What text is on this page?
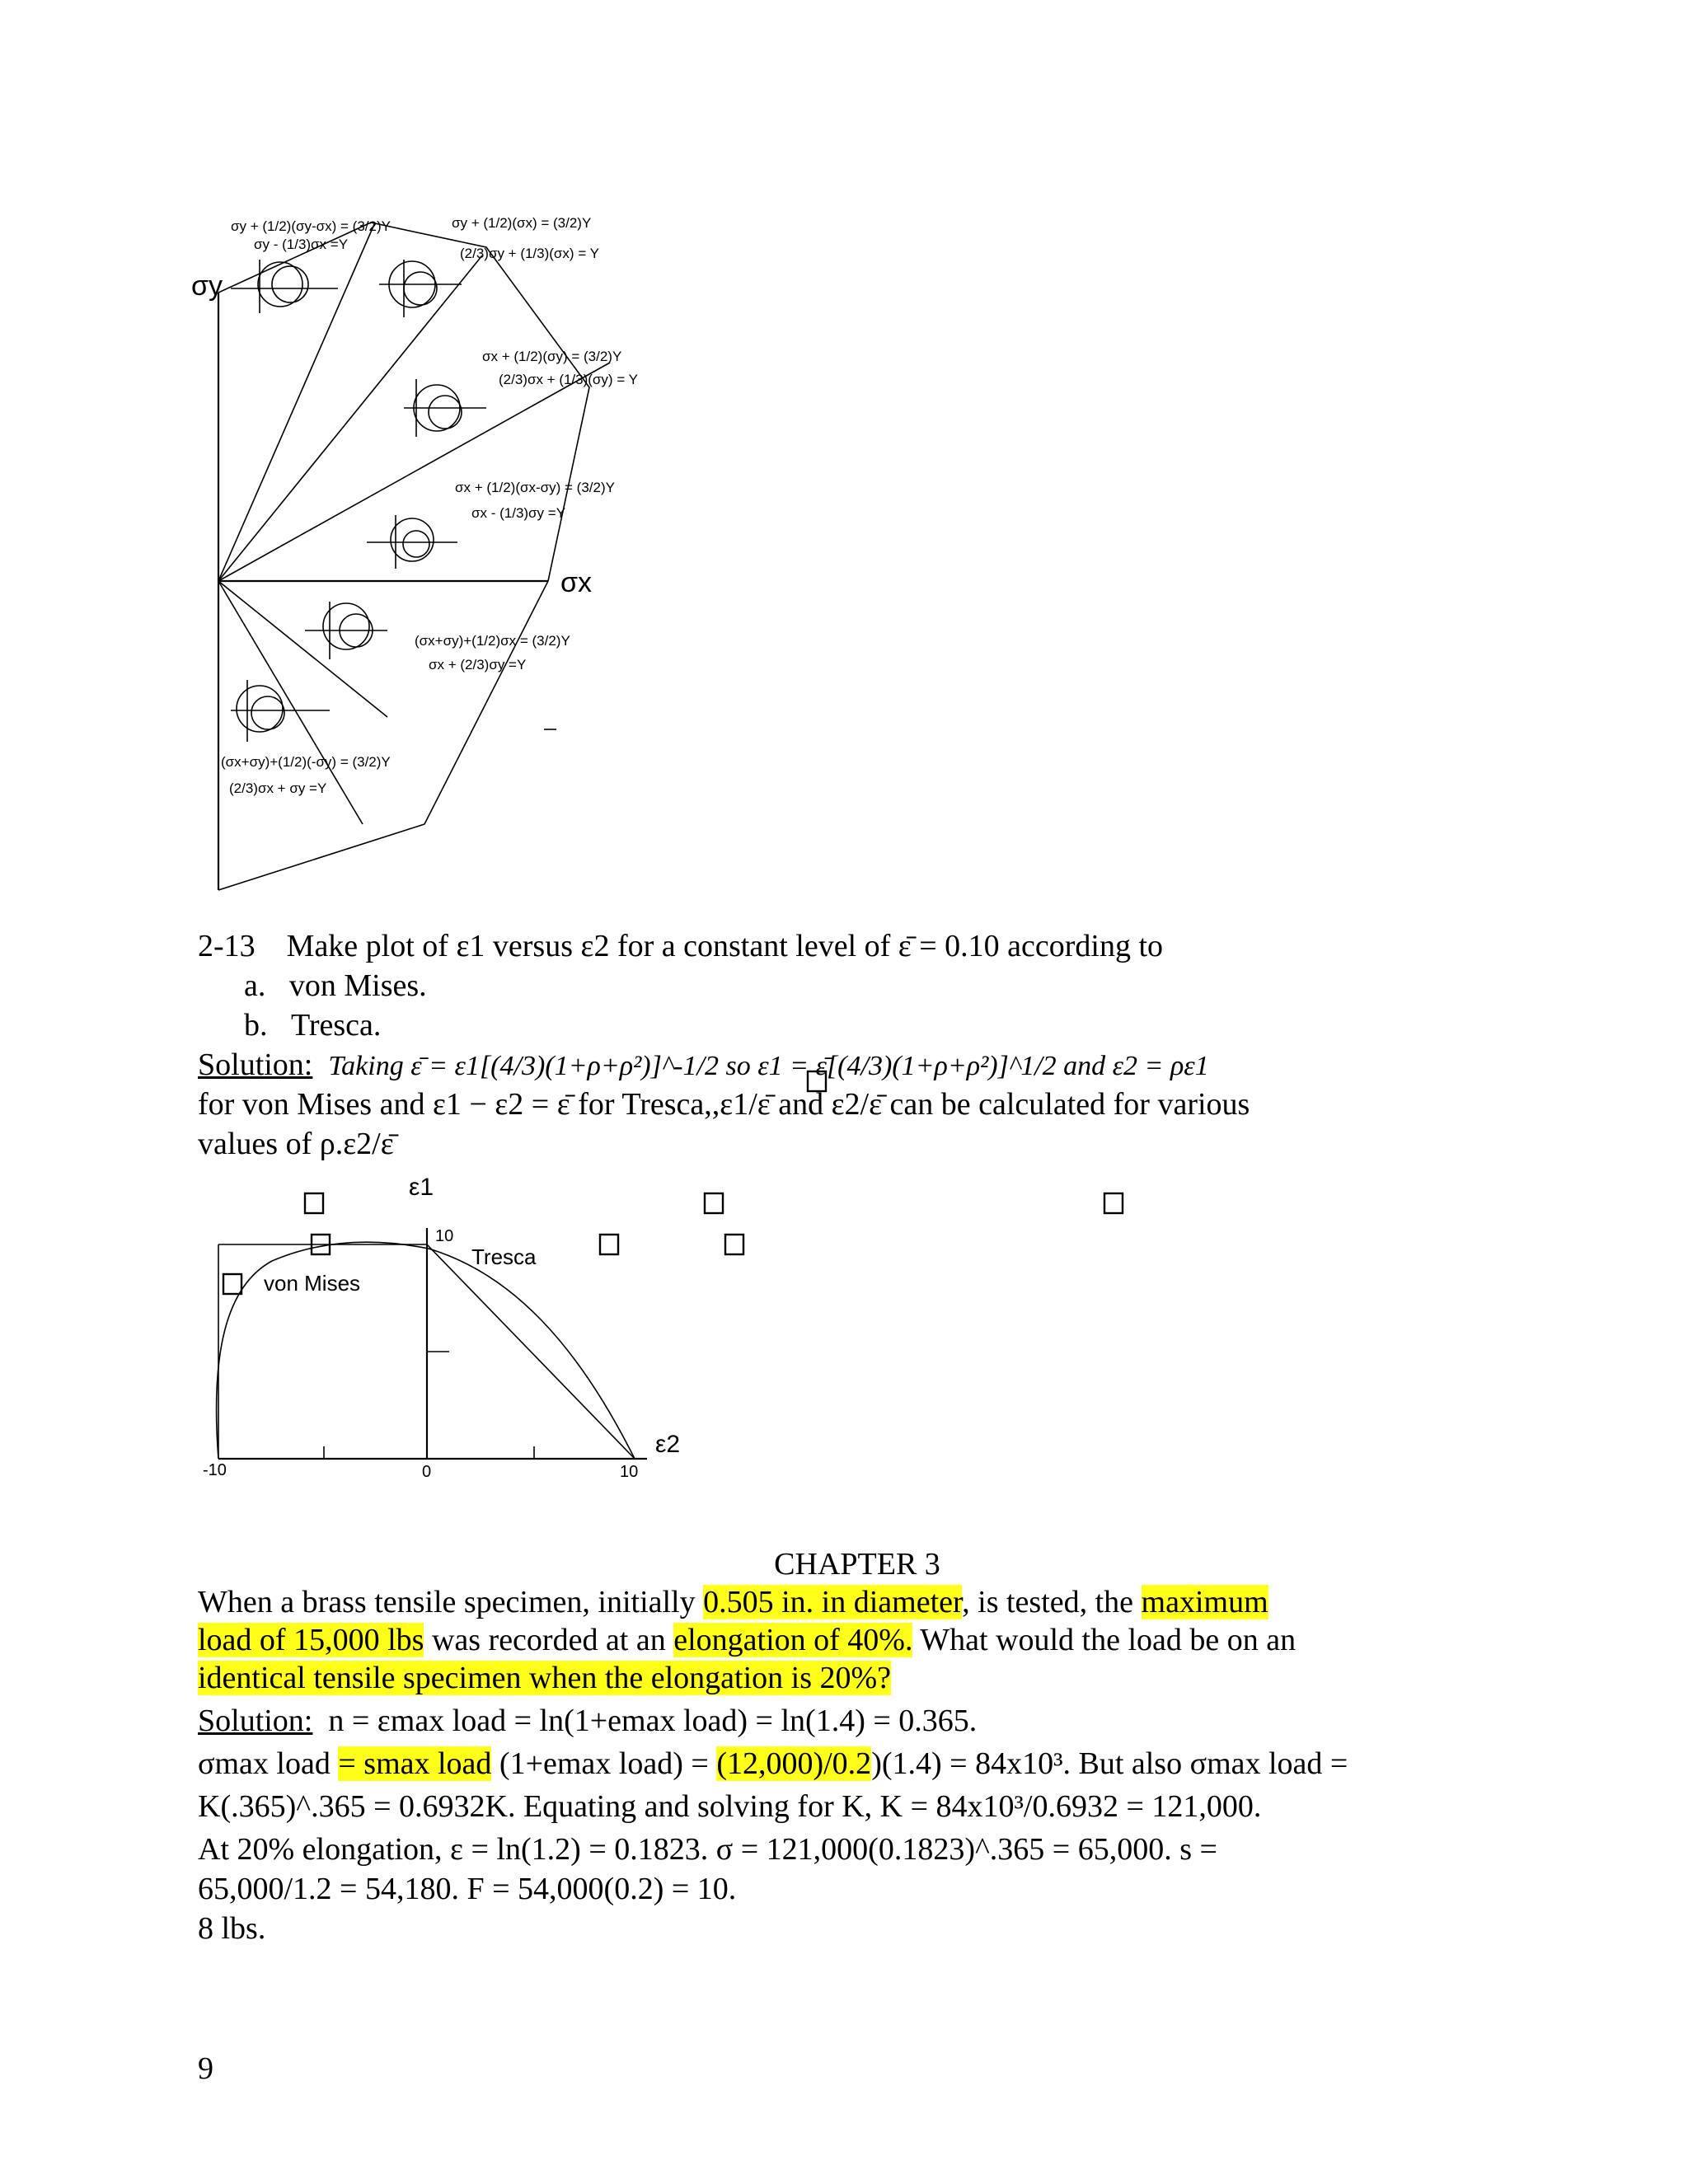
σy
σx
σy + (1/2)(σy-σx) = (3/2)Y
σy - (1/3)σx =Y
σy + (1/2)(σx) = (3/2)Y
(2/3)σy + (1/3)(σx) = Y
σx + (1/2)(σy) = (3/2)Y
(2/3)σx + (1/3)(σy) = Y
σx + (1/2)(σx-σy) = (3/2)Y
σx - (1/3)σy =Y
(σx+σy)+(1/2)σx = (3/2)Y
σx + (2/3)σy =Y
(σx+σy)+(1/2)(-σy) = (3/2)Y
(2/3)σx + σy =Y
2-13 Make plot of ε1 versus ε2 for a constant level of ε̄ = 0.10 according to
a. von Mises.
b. Tresca.
Solution: Taking ε̄ = ε1[(4/3)(1+ρ+ρ²)]^-1/2 so ε1 = ε̄[(4/3)(1+ρ+ρ²)]^1/2 and ε2 = ρε1
for von Mises and ε1 − ε2 = ε̄ for Tresca,,ε1/ε̄ and ε2/ε̄ can be calculated for various
values of ρ.ε2/ε̄
ε1
ε2
10
-10	0	10
von Mises
Tresca
CHAPTER 3
When a brass tensile specimen, initially 0.505 in. in diameter, is tested, the maximum
load of 15,000 lbs was recorded at an elongation of 40%. What would the load be on an
identical tensile specimen when the elongation is 20%?
Solution: n = εmax load = ln(1+emax load) = ln(1.4) = 0.365.
σmax load = smax load (1+emax load) = (12,000)/0.2)(1.4) = 84x10³. But also σmax load =
K(.365)^.365 = 0.6932K. Equating and solving for K, K = 84x10³/0.6932 = 121,000.
At 20% elongation, ε = ln(1.2) = 0.1823. σ = 121,000(0.1823)^.365 = 65,000. s =
65,000/1.2 = 54,180. F = 54,000(0.2) = 10.
8 lbs.
9
